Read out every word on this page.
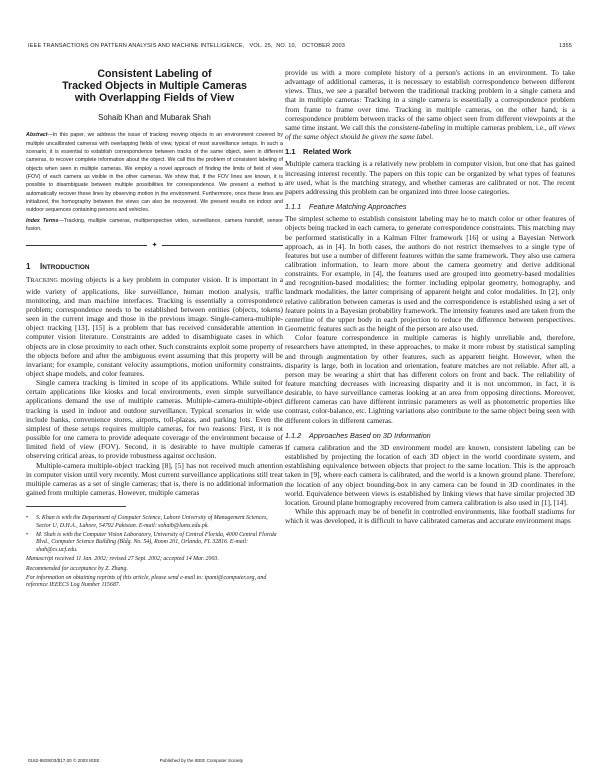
IEEE TRANSACTIONS ON PATTERN ANALYSIS AND MACHINE INTELLIGENCE, VOL. 25, NO. 10, OCTOBER 2003	1355
Consistent Labeling of
Tracked Objects in Multiple Cameras
with Overlapping Fields of View
Sohaib Khan and Mubarak Shah
Abstract—In this paper, we address the issue of tracking moving objects in an environment covered by multiple uncalibrated cameras with overlapping fields of view, typical of most surveillance setups. In such a scenario, it is essential to establish correspondence between tracks of the same object, seen in different cameras, to recover complete information about the object. We call this the problem of consistent labeling of objects when seen in multiple cameras. We employ a novel approach of finding the limits of field of view (FOV) of each camera as visible in the other cameras. We show that, if the FOV lines are known, it is possible to disambiguate between multiple possibilities for correspondence. We present a method to automatically recover these lines by observing motion in the environment. Furthermore, once these lines are initialized, the homography between the views can also be recovered. We present results on indoor and outdoor sequences containing persons and vehicles.
Index Terms—Tracking, multiple cameras, multiperspective video, surveillance, camera handoff, sensor fusion.
✦
1	INTRODUCTION

TRACKING moving objects is a key problem in computer vision. It is important in a wide variety of applications, like surveillance, human motion analysis, traffic monitoring, and man machine interfaces. Tracking is essentially a correspondence problem; correspondence needs to be established between entities (objects, tokens) seen in the current image and those in the previous image. Single-camera-multiple-object tracking [13], [15] is a problem that has received considerable attention in computer vision literature. Constraints are added to disambiguate cases in which objects are in close proximity to each other. Such constraints exploit some property of the objects before and after the ambiguous event assuming that this property will be invariant; for example, constant velocity assumptions, motion uniformity constraints, object shape models, and color features.

Single camera tracking is limited in scope of its applications. While suited for certain applications like kiosks and local environments, even simple surveillance applications demand the use of multiple cameras. Multiple-camera-multiple-object tracking is used in indoor and outdoor surveillance. Typical scenarios in wide use include banks, convenience stores, airports, toll-plazas, and parking lots. Even the simplest of these setups requires multiple cameras, for two reasons: First, it is not possible for one camera to provide adequate coverage of the environment because of limited field of view (FOV). Second, it is desirable to have multiple cameras observing critical areas, to provide robustness against occlusion.

Multiple-camera multiple-object tracking [8], [5] has not received much attention in computer vision until very recently. Most current surveillance applications still treat multiple cameras as a set of single cameras; that is, there is no additional information gained from multiple cameras. However, multiple cameras

•	S. Khan is with the Department of Computer Science, Lahore University of Management Sciences, Sector U, D.H.A., Lahore, 54792 Pakistan. E-mail: sohaib@lums.edu.pk.
•	M. Shah is with the Computer Vision Laboratory, University of Central Florida, 4000 Central Florida Blvd., Computer Science Building (Bldg. No. 54), Room 201, Orlando, FL 32816. E-mail: shah@cs.ucf.edu.
Manuscript received 11 Jan. 2002; revised 27 Sept. 2002; accepted 14 Mar. 2003.
Recommended for acceptance by Z. Zhang.
For information on obtaining reprints of this article, please send e-mail to: tpami@computer.org, and reference IEEECS Log Number 115687.

provide us with a more complete history of a person's actions in an environment. To take advantage of additional cameras, it is necessary to establish correspondence between different views. Thus, we see a parallel between the traditional tracking problem in a single camera and that in multiple cameras: Tracking in a single camera is essentially a correspondence problem from frame to frame over time. Tracking in multiple cameras, on the other hand, is a correspondence problem between tracks of the same object seen from different viewpoints at the same time instant. We call this the consistent-labeling in multiple cameras problem, i.e., all views of the same object should be given the same label.

1.1 Related Work

Multiple camera tracking is a relatively new problem in computer vision, but one that has gained increasing interest recently. The papers on this topic can be organized by what types of features are used, what is the matching strategy, and whether cameras are calibrated or not. The recent papers addressing this problem can be organized into three loose categories.

1.1.1	Feature Matching Approaches

The simplest scheme to establish consistent labeling may be to match color or other features of objects being tracked in each camera, to generate correspondence constraints. This matching may be performed statistically in a Kalman Filter framework [16] or using a Bayesian Network approach, as in [4]. In both cases, the authors do not restrict themselves to a single type of features but use a number of different features within the same framework. They also use camera calibration information, to learn more about the camera geometry and derive additional constraints. For example, in [4], the features used are grouped into geometry-based modalities and recognition-based modalities; the former including epipolar geometry, homography, and landmark modalities, the latter comprising of apparent height and color modalities. In [2], only relative calibration between cameras is used and the correspondence is established using a set of feature points in a Bayesian probability framework. The intensity features used are taken from the centerline of the upper body in each projection to reduce the difference between perspectives. Geometric features such as the height of the person are also used.

Color feature correspondence in multiple cameras is highly unreliable and, therefore, researchers have attempted, in these approaches, to make it more robust by statistical sampling and through augmentation by other features, such as apparent height. However, when the disparity is large, both in location and orientation, feature matches are not reliable. After all, a person may be wearing a shirt that has different colors on front and back. The reliability of feature matching decreases with increasing disparity and it is not uncommon, in fact, it is desirable, to have surveillance cameras looking at an area from opposing directions. Moreover, different cameras can have different intrinsic parameters as well as photometric properties like contrast, color-balance, etc. Lighting variations also contribute to the same object being seen with different colors in different cameras.

1.1.2	Approaches Based on 3D Information

If camera calibration and the 3D environment model are known, consistent labeling can be established by projecting the location of each 3D object in the world coordinate system, and establishing equivalence between objects that project to the same location. This is the approach taken in [9], where each camera is calibrated, and the world is a known ground plane. Therefore, the location of any object bounding-box in any camera can be found in 3D coordinates in the world. Equivalence between views is established by linking views that have similar projected 3D location. Ground plane homography recovered from camera calibration is also used in [1], [14].

While this approach may be of benefit in controlled environments, like football stadiums for which it was developed, it is difficult to have calibrated cameras and accurate environment maps

0162-8828/03/$17.00 © 2003 IEEE	Published by the IEEE Computer Society
